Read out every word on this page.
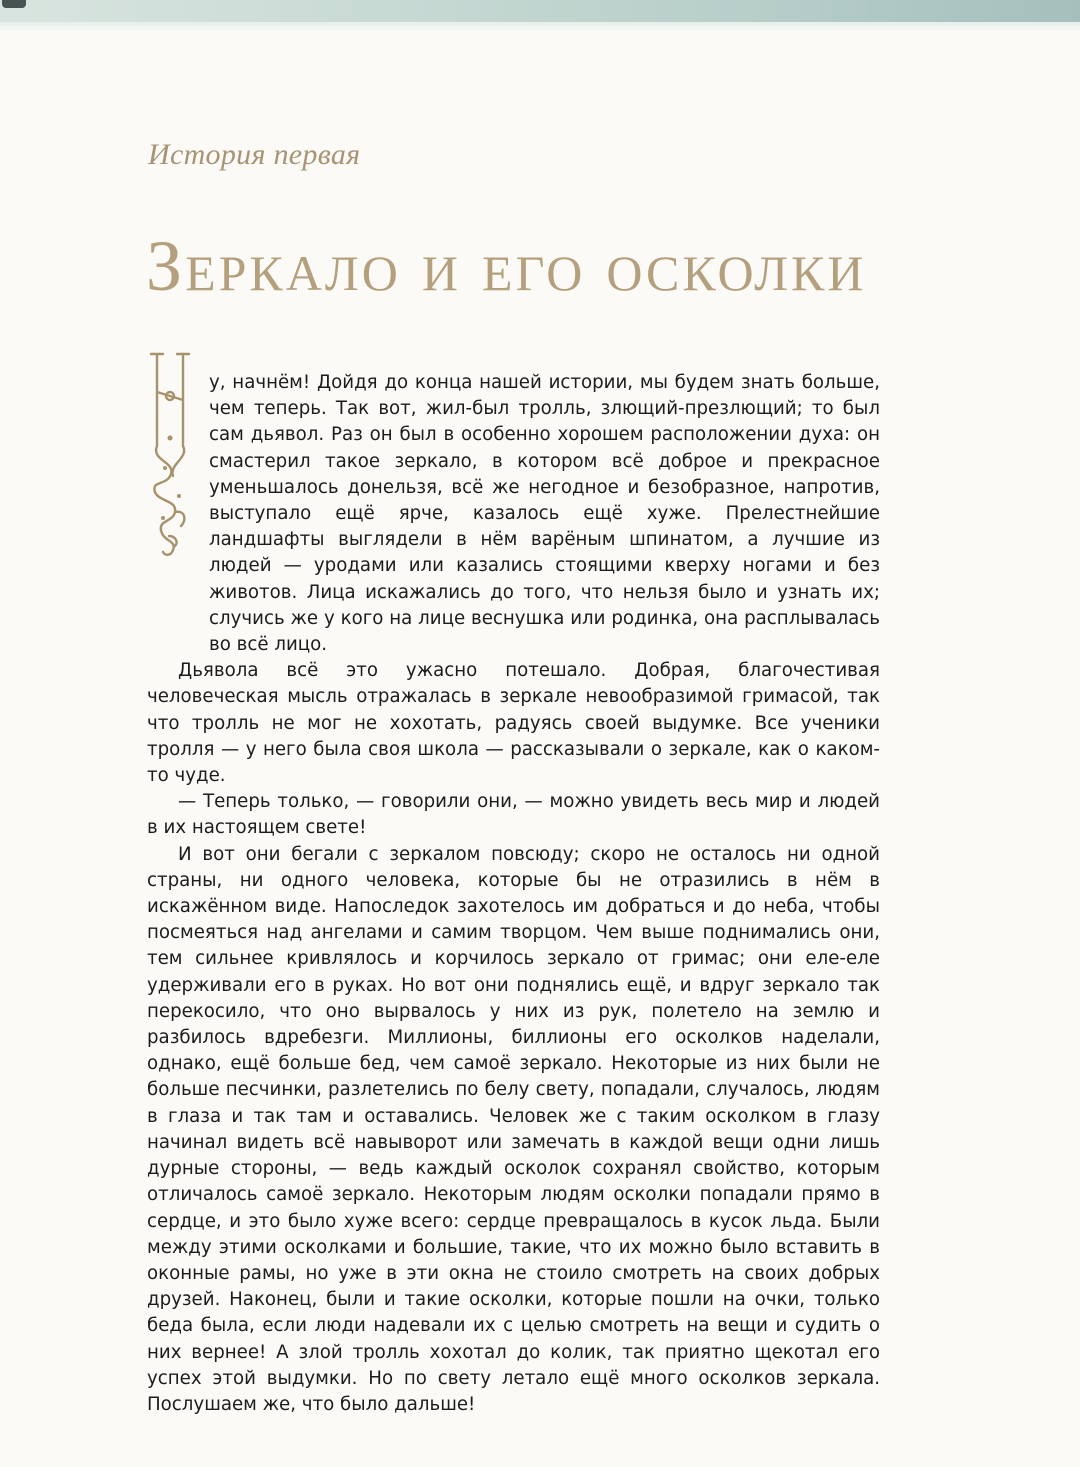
История первая
Зеркало и его осколки

у, начнём! Дойдя до конца нашей истории, мы будем знать больше, чем теперь. Так вот, жил-был тролль, злющий-презлющий; то был сам дьявол. Раз он был в особенно хорошем расположении духа: он смастерил такое зеркало, в котором всё доброе и прекрасное уменьшалось донельзя, всё же негодное и безобразное, напротив, выступало ещё ярче, казалось ещё хуже. Прелестнейшие ландшафты выглядели в нём варёным шпинатом, а лучшие из людей — уродами или казались стоящими кверху ногами и без животов. Лица искажались до того, что нельзя было и узнать их; случись же у кого на лице веснушка или родинка, она расплывалась во всё лицо.

Дьявола всё это ужасно потешало. Добрая, благочестивая человеческая мысль отражалась в зеркале невообразимой гримасой, так что тролль не мог не хохотать, радуясь своей выдумке. Все ученики тролля — у него была своя школа — рассказывали о зеркале, как о каком-то чуде.

— Теперь только, — говорили они, — можно увидеть весь мир и людей в их настоящем свете!

И вот они бегали с зеркалом повсюду; скоро не осталось ни одной страны, ни одного человека, которые бы не отразились в нём в искажённом виде. Напоследок захотелось им добраться и до неба, чтобы посмеяться над ангелами и самим творцом. Чем выше поднимались они, тем сильнее кривлялось и корчилось зеркало от гримас; они еле-еле удерживали его в руках. Но вот они поднялись ещё, и вдруг зеркало так перекосило, что оно вырвалось у них из рук, полетело на землю и разбилось вдребезги. Миллионы, биллионы его осколков наделали, однако, ещё больше бед, чем самоё зеркало. Некоторые из них были не больше песчинки, разлетелись по белу свету, попадали, случалось, людям в глаза и так там и оставались. Человек же с таким осколком в глазу начинал видеть всё навыворот или замечать в каждой вещи одни лишь дурные стороны, — ведь каждый осколок сохранял свойство, которым отличалось самоё зеркало. Некоторым людям осколки попадали прямо в сердце, и это было хуже всего: сердце превращалось в кусок льда. Были между этими осколками и большие, такие, что их можно было вставить в оконные рамы, но уже в эти окна не стоило смотреть на своих добрых друзей. Наконец, были и такие осколки, которые пошли на очки, только беда была, если люди надевали их с целью смотреть на вещи и судить о них вернее! А злой тролль хохотал до колик, так приятно щекотал его успех этой выдумки. Но по свету летало ещё много осколков зеркала. Послушаем же, что было дальше!
